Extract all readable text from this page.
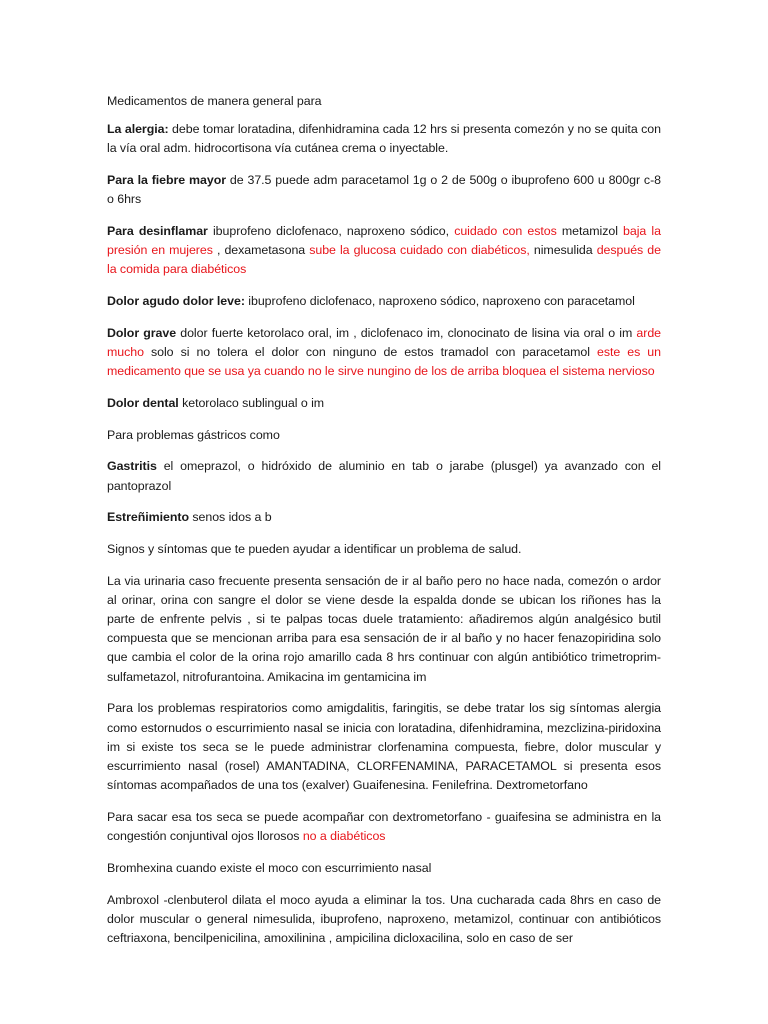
Medicamentos de manera general para

La alergia: debe tomar loratadina, difenhidramina cada 12 hrs si presenta comezón y no se quita con la vía oral adm. hidrocortisona vía cutánea crema o inyectable.

Para la fiebre mayor de 37.5 puede adm paracetamol 1g o 2 de 500g o ibuprofeno 600 u 800gr c-8 o 6hrs

Para desinflamar ibuprofeno diclofenaco, naproxeno sódico, cuidado con estos metamizol baja la presión en mujeres , dexametasona sube la glucosa cuidado con diabéticos, nimesulida después de la comida para diabéticos

Dolor agudo dolor leve: ibuprofeno diclofenaco, naproxeno sódico, naproxeno con paracetamol

Dolor grave dolor fuerte ketorolaco oral, im , diclofenaco im, clonocinato de lisina via oral o im arde mucho solo si no tolera el dolor con ninguno de estos tramadol con paracetamol este es un medicamento que se usa ya cuando no le sirve nungino de los de arriba bloquea el sistema nervioso

Dolor dental ketorolaco sublingual o im

Para problemas gástricos como

Gastritis el omeprazol, o hidróxido de aluminio en tab o jarabe (plusgel) ya avanzado con el pantoprazol

Estreñimiento senos idos a b

Signos y síntomas que te pueden ayudar a identificar un problema de salud.

La via urinaria caso frecuente presenta sensación de ir al baño pero no hace nada, comezón o ardor al orinar, orina con sangre el dolor se viene desde la espalda donde se ubican los riñones has la parte de enfrente pelvis , si te palpas tocas duele tratamiento: añadiremos algún analgésico butil compuesta que se mencionan arriba para esa sensación de ir al baño y no hacer fenazopiridina solo que cambia el color de la orina rojo amarillo cada 8 hrs continuar con algún antibiótico trimetroprim-sulfametazol, nitrofurantoina. Amikacina im gentamicina im

Para los problemas respiratorios como amigdalitis, faringitis, se debe tratar los sig síntomas alergia como estornudos o escurrimiento nasal se inicia con loratadina, difenhidramina, mezclizina-piridoxina im si existe tos seca se le puede administrar clorfenamina compuesta, fiebre, dolor muscular y escurrimiento nasal (rosel) AMANTADINA, CLORFENAMINA, PARACETAMOL si presenta esos síntomas acompañados de una tos (exalver) Guaifenesina. Fenilefrina. Dextrometorfano

Para sacar esa tos seca se puede acompañar con dextrometorfano - guaifesina se administra en la congestión conjuntival ojos llorosos no a diabéticos

Bromhexina cuando existe el moco con escurrimiento nasal

Ambroxol -clenbuterol dilata el moco ayuda a eliminar la tos. Una cucharada cada 8hrs en caso de dolor muscular o general nimesulida, ibuprofeno, naproxeno, metamizol, continuar con antibióticos ceftriaxona, bencilpenicilina, amoxilinina , ampicilina dicloxacilina, solo en caso de ser
